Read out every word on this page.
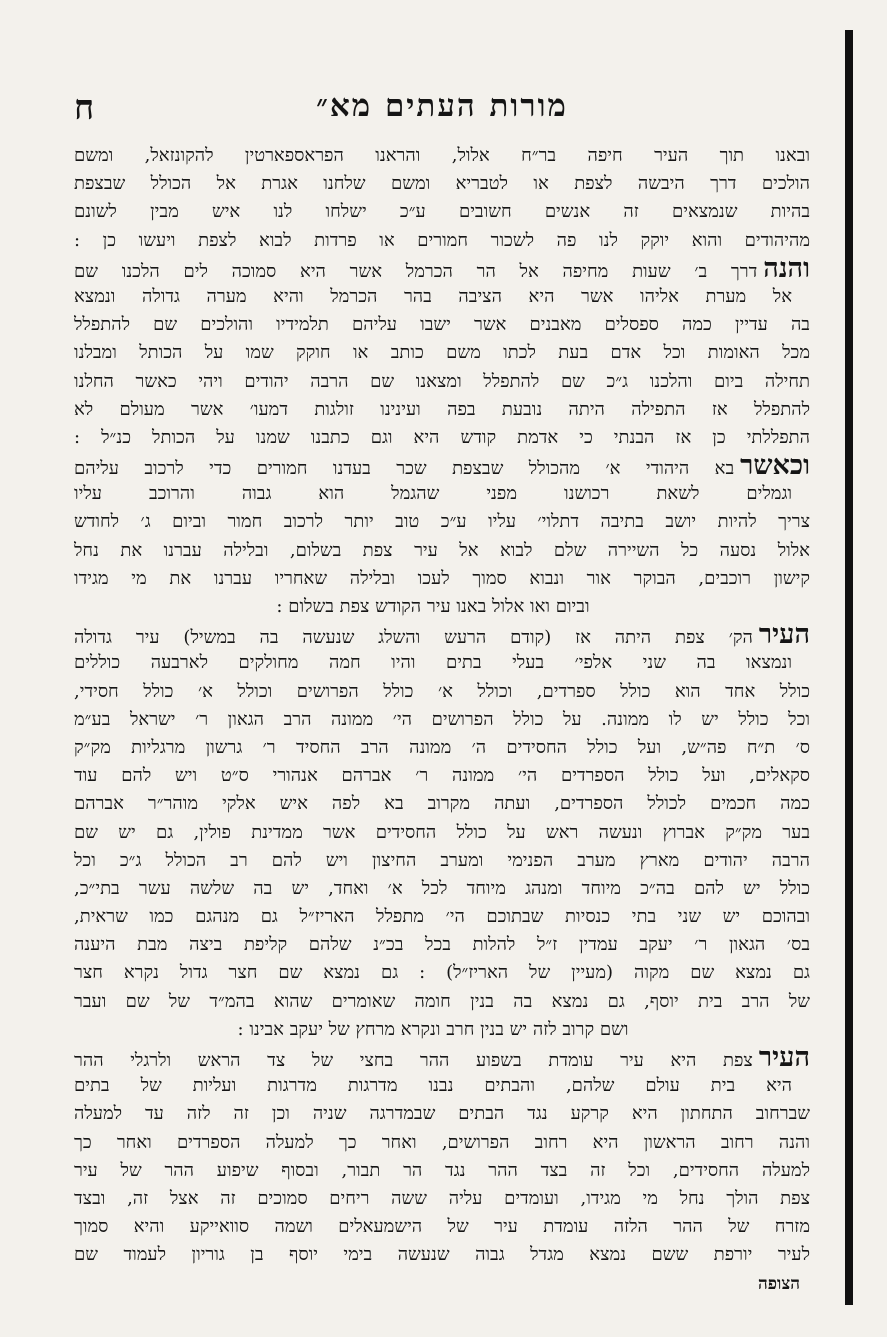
מורות העתים מא״
ח
ובאנו תוך העיר חיפה בר״ח אלול, והראנו הפראספארטין להקונזאל, ומשם
הולכים דרך היבשה לצפת או לטבריא ומשם שלחנו אגרת אל הכולל שבצפת
בהיות שנמצאים זה אנשים חשובים ע״כ ישלחו לנו איש מבין לשונם
מהיהודים והוא יוקק לנו פה לשכור חמורים או פרדות לבוא לצפת ויעשו כן :
והנהדרך ב׳ שעות מחיפה אל הר הכרמל אשר היא סמוכה לים הלכנו שם
אל מערת אליהו אשר היא הציבה בהר הכרמל והיא מערה גדולה ונמצא
בה עדיין כמה ספסלים מאבנים אשר ישבו עליהם תלמידיו והולכים שם להתפלל
מכל האומות וכל אדם בעת לכתו משם כותב או חוקק שמו על הכותל ומבלנו
תחילה ביום והלכנו ג״כ שם להתפלל ומצאנו שם הרבה יהודים ויהי כאשר החלנו
להתפלל אז התפילה היתה נובעת בפה ועינינו זולגות דמעו׳ אשר מעולם לא
התפללתי כן אז הבנתי כי אדמת קודש היא וגם כתבנו שמנו על הכותל כנ״ל :
וכאשרבא היהודי א׳ מהכולל שבצפת שכר בעדנו חמורים כדי לרכוב עליהם
וגמלים לשאת רכושנו מפני שהגמל הוא גבוה והרוכב עליו
צריך להיות יושב בתיבה דתלוי׳ עליו ע״כ טוב יותר לרכוב חמור וביום ג׳ לחודש
אלול נסעה כל השיירה שלם לבוא אל עיר צפת בשלום, ובלילה עברנו את נחל
קישון רוכבים, הבוקר אור ונבוא סמוך לעכו ובלילה שאחריו עברנו את מי מגידו
וביום ואו אלול באנו עיר הקודש צפת בשלום :
העירהק׳ צפת היתה אז (קודם הרעש והשלג שנעשה בה במשיל) עיר גדולה
ונמצאו בה שני אלפי׳ בעלי בתים והיו חמה מחולקים לארבעה כוללים
כולל אחד הוא כולל ספרדים, וכולל א׳ כולל הפרושים וכולל א׳ כולל חסידי,
וכל כולל יש לו ממונה. על כולל הפרושים הי׳ ממונה הרב הגאון ר׳ ישראל בע״מ
ס׳ ת״ח פה״ש, ועל כולל החסידים ה׳ ממונה הרב החסיד ר׳ גרשון מרגליות מק״ק
סקאלים, ועל כולל הספרדים הי׳ ממונה ר׳ אברהם אנהורי ס״ט ויש להם עוד
כמה חכמים לכולל הספרדים, ועתה מקרוב בא לפה איש אלקי מוהר״ר אברהם
בער מק״ק אברוץ ונעשה ראש על כולל החסידים אשר ממדינת פולין, גם יש שם
הרבה יהודים מארץ מערב הפנימי ומערב החיצון ויש להם רב הכולל ג״כ וכל
כולל יש להם בה״כ מיוחד ומנהג מיוחד לכל א׳ ואחד, יש בה שלשה עשר בתי״כ,
ובהוכם יש שני בתי כנסיות שבתוכם הי׳ מתפלל האריז״ל גם מנהגם כמו שראית,
בס׳ הגאון ר׳ יעקב עמדין ז״ל להלות בכל בכ״נ שלהם קליפת ביצה מבת היענה
גם נמצא שם מקוה (מעיין של האריז״ל) : גם נמצא שם חצר גדול נקרא חצר
של הרב בית יוסף, גם נמצא בה בנין חומה שאומרים שהוא בהמ״ד של שם ועבר
ושם קרוב לזה יש בנין חרב ונקרא מרחץ של יעקב אבינו :
העירצפת היא עיר עומדת בשפוע ההר בחצי של צד הראש ולרגלי ההר
היא בית עולם שלהם, והבתים נבנו מדרגות מדרגות ועליות של בתים
שברחוב התחתון היא קרקע נגד הבתים שבמדרגה שניה וכן זה לזה עד למעלה
והנה רחוב הראשון היא רחוב הפרושים, ואחר כך למעלה הספרדים ואחר כך
למעלה החסידים, וכל זה בצד ההר נגד הר תבור, ובסוף שיפוע ההר של עיר
צפת הולך נחל מי מגידו, ועומדים עליה ששה ריחים סמוכים זה אצל זה, ובצד
מזרח של ההר הלזה עומדת עיר של הישמעאלים ושמה סוואייקע והיא סמוך
לעיר יורפת ששם נמצא מגדל גבוה שנעשה בימי יוסף בן גוריון לעמוד שם
הצופה
